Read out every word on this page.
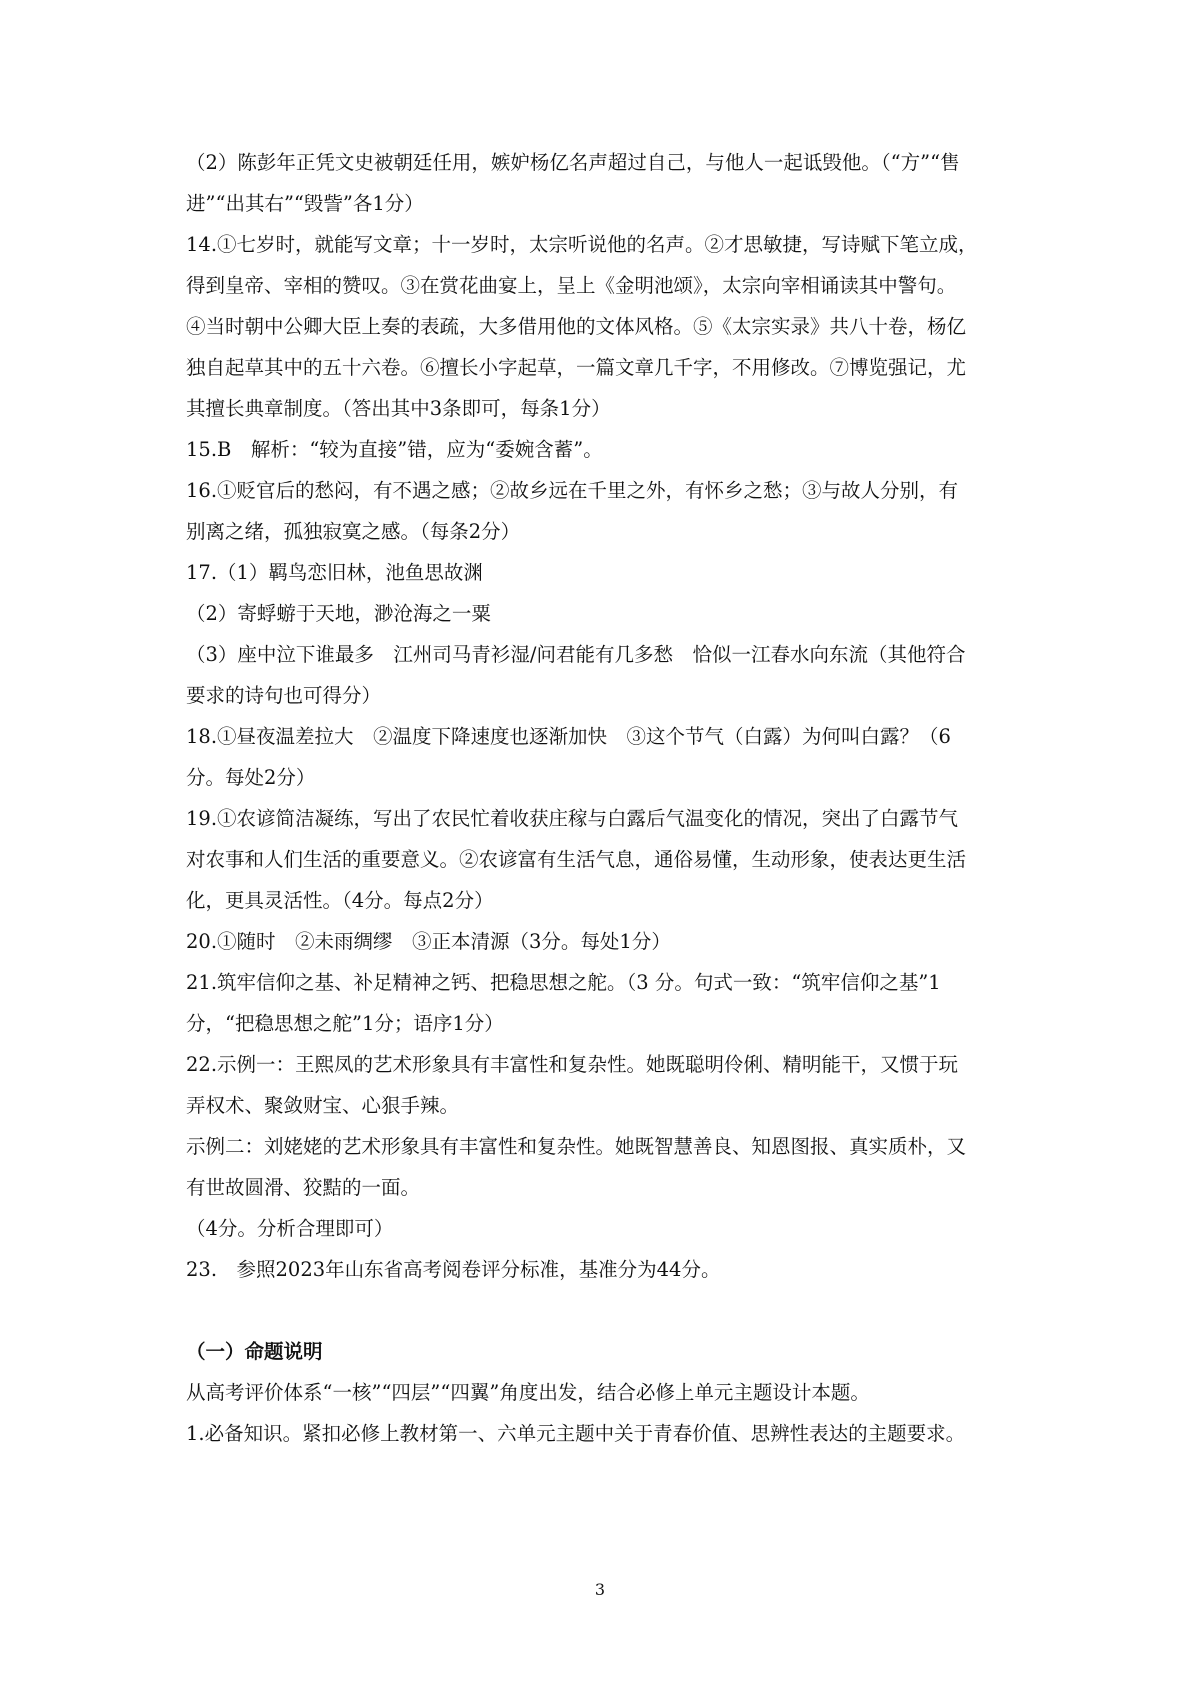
（2）陈彭年正凭文史被朝廷任用，嫉妒杨亿名声超过自己，与他人一起诋毁他。（“方”“售
进”“出其右”“毁訾”各1分）
14.①七岁时，就能写文章；十一岁时，太宗听说他的名声。②才思敏捷，写诗赋下笔立成，
得到皇帝、宰相的赞叹。③在赏花曲宴上，呈上《金明池颂》，太宗向宰相诵读其中警句。
④当时朝中公卿大臣上奏的表疏，大多借用他的文体风格。⑤《太宗实录》共八十卷，杨亿
独自起草其中的五十六卷。⑥擅长小字起草，一篇文章几千字，不用修改。⑦博览强记，尤
其擅长典章制度。（答出其中3条即可，每条1分）
15.B　解析：“较为直接”错，应为“委婉含蓄”。
16.①贬官后的愁闷，有不遇之感；②故乡远在千里之外，有怀乡之愁；③与故人分别，有
别离之绪，孤独寂寞之感。（每条2分）
17.（1）羁鸟恋旧林，池鱼思故渊
（2）寄蜉蝣于天地，渺沧海之一粟
（3）座中泣下谁最多　江州司马青衫湿/问君能有几多愁　恰似一江春水向东流（其他符合
要求的诗句也可得分）
18.①昼夜温差拉大　②温度下降速度也逐渐加快　③这个节气（白露）为何叫白露？（6
分。每处2分）
19.①农谚简洁凝练，写出了农民忙着收获庄稼与白露后气温变化的情况，突出了白露节气
对农事和人们生活的重要意义。②农谚富有生活气息，通俗易懂，生动形象，使表达更生活
化，更具灵活性。（4分。每点2分）
20.①随时　②未雨绸缪　③正本清源（3分。每处1分）
21.筑牢信仰之基、补足精神之钙、把稳思想之舵。（3 分。句式一致：“筑牢信仰之基”1
分，“把稳思想之舵”1分；语序1分）
22.示例一：王熙凤的艺术形象具有丰富性和复杂性。她既聪明伶俐、精明能干，又惯于玩
弄权术、聚敛财宝、心狠手辣。
示例二：刘姥姥的艺术形象具有丰富性和复杂性。她既智慧善良、知恩图报、真实质朴，又
有世故圆滑、狡黠的一面。
（4分。分析合理即可）
23.　参照2023年山东省高考阅卷评分标准，基准分为44分。
（一）命题说明
从高考评价体系“一核”“四层”“四翼”角度出发，结合必修上单元主题设计本题。
1.必备知识。紧扣必修上教材第一、六单元主题中关于青春价值、思辨性表达的主题要求。
3
